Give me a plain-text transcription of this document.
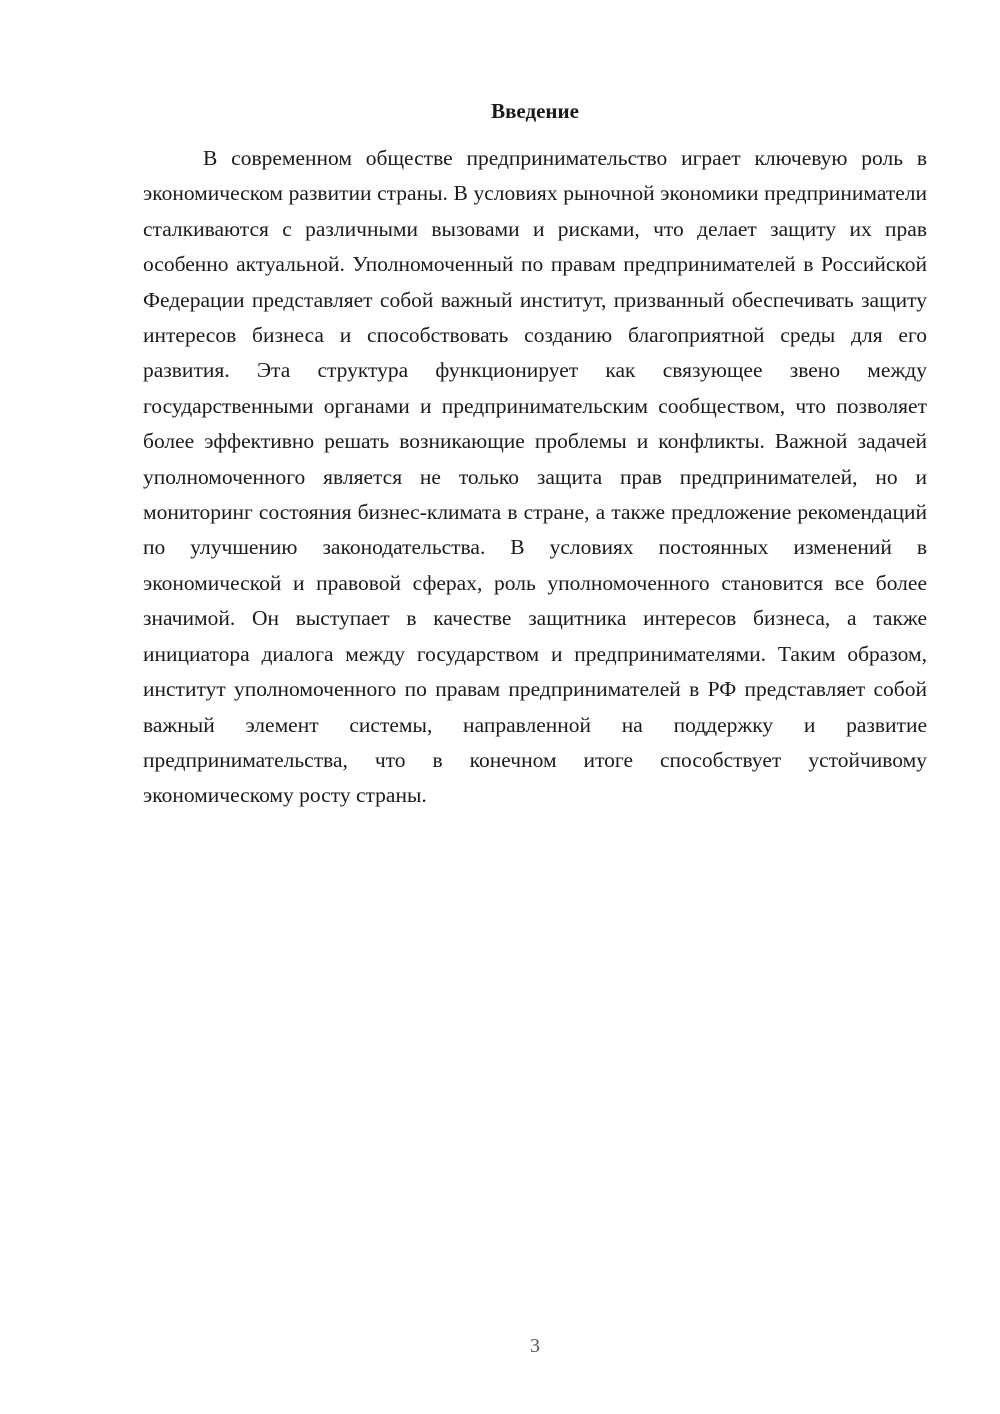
Введение

В современном обществе предпринимательство играет ключевую роль в экономическом развитии страны. В условиях рыночной экономики предприниматели сталкиваются с различными вызовами и рисками, что делает защиту их прав особенно актуальной. Уполномоченный по правам предпринимателей в Российской Федерации представляет собой важный институт, призванный обеспечивать защиту интересов бизнеса и способствовать созданию благоприятной среды для его развития. Эта структура функционирует как связующее звено между государственными органами и предпринимательским сообществом, что позволяет более эффективно решать возникающие проблемы и конфликты. Важной задачей уполномоченного является не только защита прав предпринимателей, но и мониторинг состояния бизнес-климата в стране, а также предложение рекомендаций по улучшению законодательства. В условиях постоянных изменений в экономической и правовой сферах, роль уполномоченного становится все более значимой. Он выступает в качестве защитника интересов бизнеса, а также инициатора диалога между государством и предпринимателями. Таким образом, институт уполномоченного по правам предпринимателей в РФ представляет собой важный элемент системы, направленной на поддержку и развитие предпринимательства, что в конечном итоге способствует устойчивому экономическому росту страны.

3
